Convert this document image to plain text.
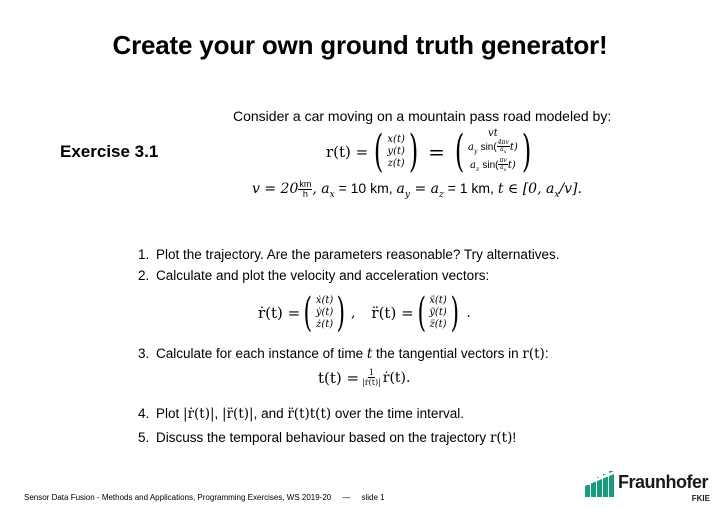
Create your own ground truth generator!
Consider a car moving on a mountain pass road modeled by:
Exercise 3.1	r(t) = ( x(t)
y(t)
z(t) ) = ( vt
$a_y$ $\sin( \frac{4\pi v}{a_x} t)$
$a_z$ $\sin( \frac{\pi v}{a_x} t)$ )
$v = 20 \frac{km}{h}$ , $a_x = 10$ km, $a_y = a_z = 1$ km, t ∈ [0, $a_x/v$].
1. Plot the trajectory. Are the parameters reasonable? Try alternatives.
2. Calculate and plot the velocity and acceleration vectors:
ṙ(t) = ( ẋ(t)
ẏ(t)
ż(t) ) , r̈(t) = ( ẍ(t)
ÿ(t)
z̈(t) ) .
3. Calculate for each instance of time t the tangential vectors in r(t):
$t(t) = \frac{1}{\text{|ṙ(t)|}}$ ṙ(t).
4. Plot |ṙ(t)|, |r̈(t)|, and r̈(t)t(t) over the time interval.
5. Discuss the temporal behaviour based on the trajectory r(t)!
Sensor Data Fusion - Methods and Applications, Programming Exercises, WS 2019-20     —     slide 1
Fraunhofer
FKIE
